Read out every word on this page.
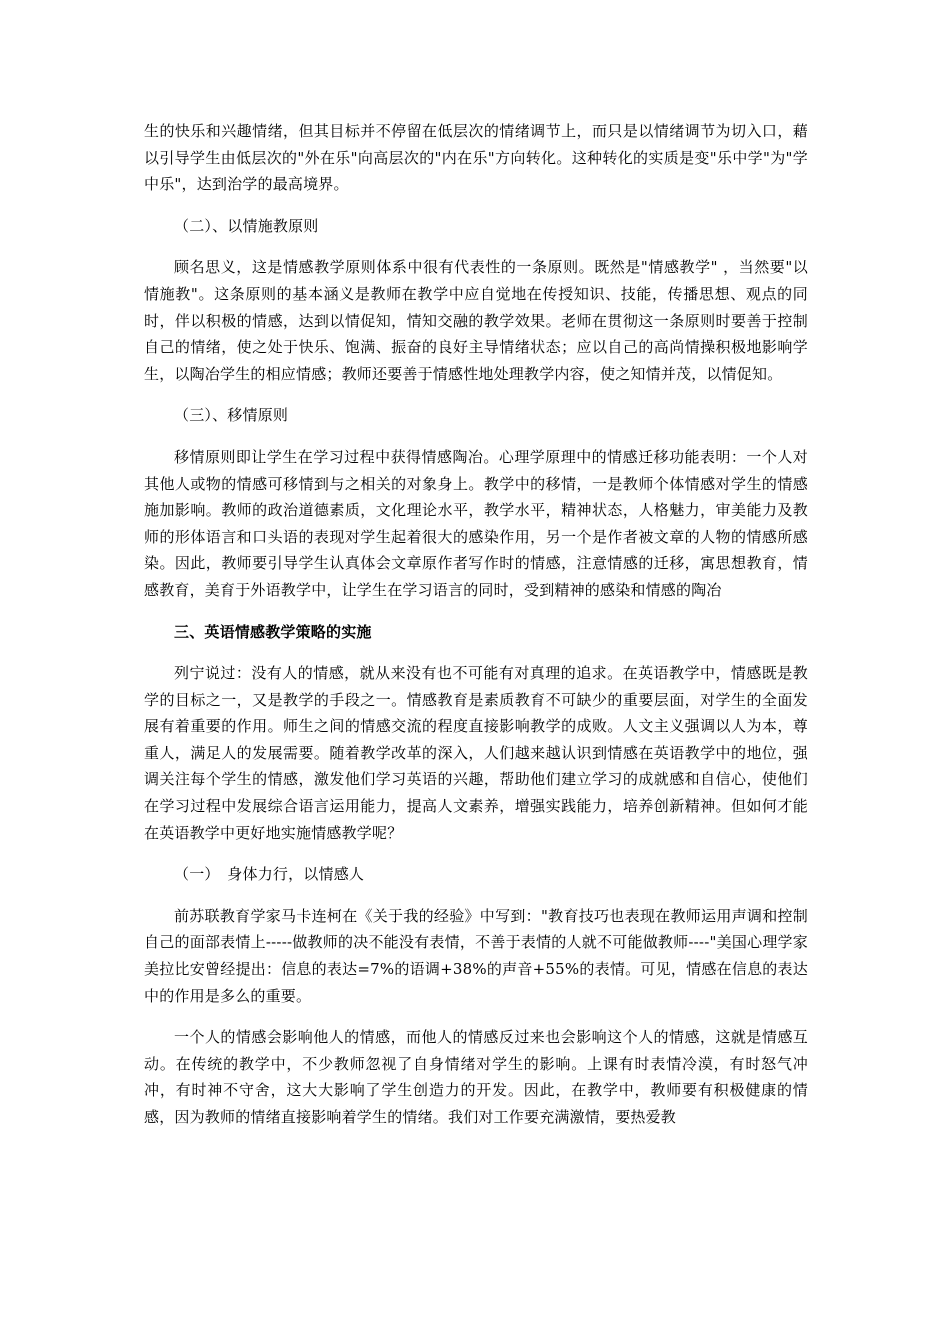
生的快乐和兴趣情绪，但其目标并不停留在低层次的情绪调节上，而只是以情绪调节为切入口，藉以引导学生由低层次的"外在乐"向高层次的"内在乐"方向转化。这种转化的实质是变"乐中学"为"学中乐"，达到治学的最高境界。

（二）、以情施教原则

顾名思义，这是情感教学原则体系中很有代表性的一条原则。既然是"情感教学" ，当然要"以情施教"。这条原则的基本涵义是教师在教学中应自觉地在传授知识、技能，传播思想、观点的同时，伴以积极的情感，达到以情促知，情知交融的教学效果。老师在贯彻这一条原则时要善于控制自己的情绪，使之处于快乐、饱满、振奋的良好主导情绪状态；应以自己的高尚情操积极地影响学生，以陶冶学生的相应情感；教师还要善于情感性地处理教学内容，使之知情并茂，以情促知。

（三）、移情原则

移情原则即让学生在学习过程中获得情感陶冶。心理学原理中的情感迁移功能表明：一个人对其他人或物的情感可移情到与之相关的对象身上。教学中的移情，一是教师个体情感对学生的情感施加影响。教师的政治道德素质，文化理论水平，教学水平，精神状态，人格魅力，审美能力及教师的形体语言和口头语的表现对学生起着很大的感染作用，另一个是作者被文章的人物的情感所感染。因此，教师要引导学生认真体会文章原作者写作时的情感，注意情感的迁移，寓思想教育，情感教育，美育于外语教学中，让学生在学习语言的同时，受到精神的感染和情感的陶冶

三、英语情感教学策略的实施

列宁说过：没有人的情感，就从来没有也不可能有对真理的追求。在英语教学中，情感既是教学的目标之一，又是教学的手段之一。情感教育是素质教育不可缺少的重要层面，对学生的全面发展有着重要的作用。师生之间的情感交流的程度直接影响教学的成败。人文主义强调以人为本，尊重人，满足人的发展需要。随着教学改革的深入，人们越来越认识到情感在英语教学中的地位，强调关注每个学生的情感，激发他们学习英语的兴趣，帮助他们建立学习的成就感和自信心，使他们在学习过程中发展综合语言运用能力，提高人文素养，增强实践能力，培养创新精神。但如何才能在英语教学中更好地实施情感教学呢？

（一）　身体力行，以情感人

前苏联教育学家马卡连柯在《关于我的经验》中写到："教育技巧也表现在教师运用声调和控制自己的面部表情上-----做教师的决不能没有表情，不善于表情的人就不可能做教师----"美国心理学家美拉比安曾经提出：信息的表达=7%的语调+38%的声音+55%的表情。可见，情感在信息的表达中的作用是多么的重要。

一个人的情感会影响他人的情感，而他人的情感反过来也会影响这个人的情感，这就是情感互动。在传统的教学中，不少教师忽视了自身情绪对学生的影响。上课有时表情冷漠，有时怒气冲冲，有时神不守舍，这大大影响了学生创造力的开发。因此，在教学中，教师要有积极健康的情感，因为教师的情绪直接影响着学生的情绪。我们对工作要充满激情，要热爱教
